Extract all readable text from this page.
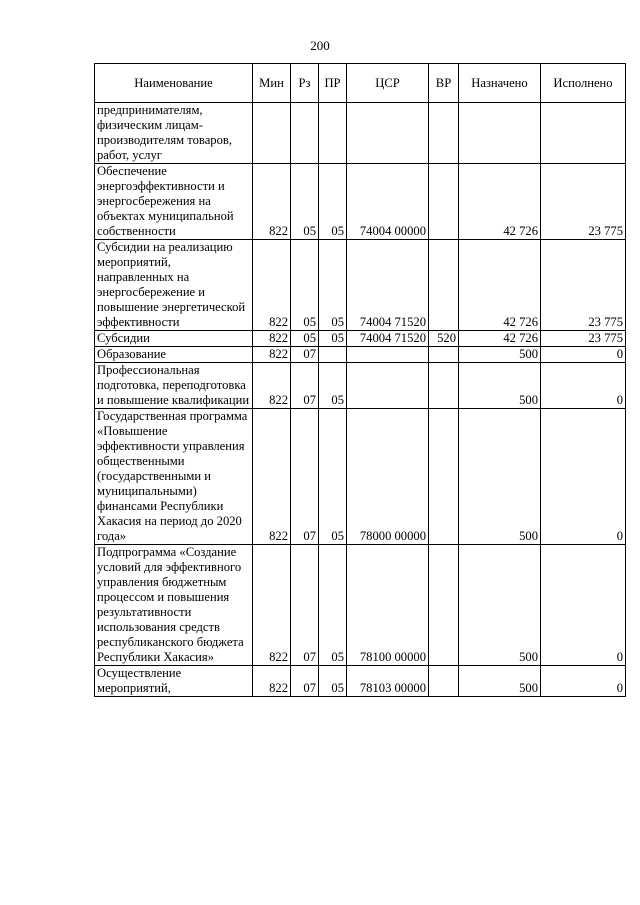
200
Наименование	Мин	Рз	ПР	ЦСР	ВР	Назначено	Исполнено
предпринимателям, физическим лицам-производителям товаров, работ, услуг							
Обеспечение энергоэффективности и энергосбережения на объектах муниципальной собственности	822	05	05	74004 00000		42 726	23 775
Субсидии на реализацию мероприятий, направленных на энергосбережение и повышение энергетической эффективности	822	05	05	74004 71520		42 726	23 775
Субсидии	822	05	05	74004 71520	520	42 726	23 775
Образование	822	07				500	0
Профессиональная подготовка, переподготовка и повышение квалификации	822	07	05			500	0
Государственная программа «Повышение эффективности управления общественными (государственными и муниципальными) финансами Республики Хакасия на период до 2020 года»	822	07	05	78000 00000		500	0
Подпрограмма «Создание условий для эффективного управления бюджетным процессом и повышения результативности использования средств республиканского бюджета Республики Хакасия»	822	07	05	78100 00000		500	0
Осуществление мероприятий,	822	07	05	78103 00000		500	0
